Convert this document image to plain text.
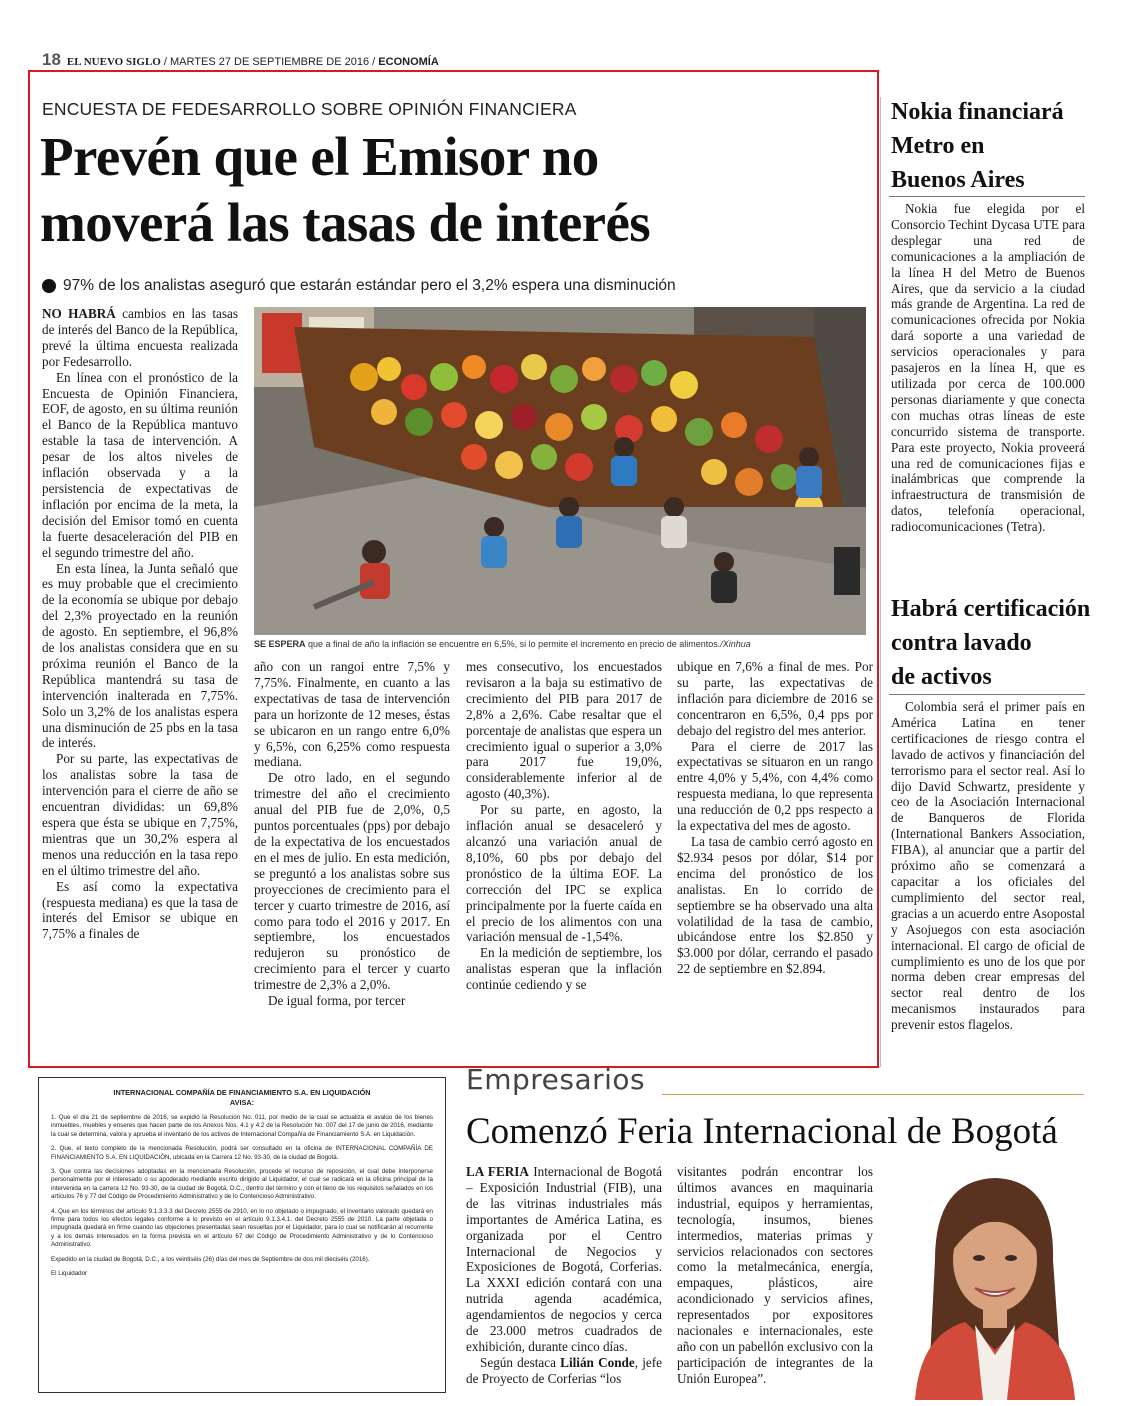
18 EL NUEVO SIGLO / MARTES 27 DE SEPTIEMBRE DE 2016 / ECONOMÍA
ENCUESTA DE FEDESARROLLO SOBRE OPINIÓN FINANCIERA
Prevén que el Emisor no
moverá las tasas de interés
97% de los analistas aseguró que estarán estándar pero el 3,2% espera una disminución

NO HABRÁ cambios en las tasas de interés del Banco de la República, prevé la última encuesta realizada por Fedesarrollo.

En línea con el pronóstico de la Encuesta de Opinión Financiera, EOF, de agosto, en su última reunión el Banco de la República mantuvo estable la tasa de intervención. A pesar de los altos niveles de inflación observada y a la persistencia de expectativas de inflación por encima de la meta, la decisión del Emisor tomó en cuenta la fuerte desaceleración del PIB en el segundo trimestre del año.

En esta línea, la Junta señaló que es muy probable que el crecimiento de la economía se ubique por debajo del 2,3% proyectado en la reunión de agosto. En septiembre, el 96,8% de los analistas considera que en su próxima reunión el Banco de la República mantendrá su tasa de intervención inalterada en 7,75%. Solo un 3,2% de los analistas espera una disminución de 25 pbs en la tasa de interés.

Por su parte, las expectativas de los analistas sobre la tasa de intervención para el cierre de año se encuentran divididas: un 69,8% espera que ésta se ubique en 7,75%, mientras que un 30,2% espera al menos una reducción en la tasa repo en el último trimestre del año.

Es así como la expectativa (respuesta mediana) es que la tasa de interés del Emisor se ubique en 7,75% a finales de

SE ESPERA que a final de año la inflación se encuentre en 6,5%, si lo permite el incremento en precio de alimentos./Xinhua

año con un rangoi entre 7,5% y 7,75%. Finalmente, en cuanto a las expectativas de tasa de intervención para un horizonte de 12 meses, éstas se ubicaron en un rango entre 6,0% y 6,5%, con 6,25% como respuesta mediana.

De otro lado, en el segundo trimestre del año el crecimiento anual del PIB fue de 2,0%, 0,5 puntos porcentuales (pps) por debajo de la expectativa de los encuestados en el mes de julio. En esta medición, se preguntó a los analistas sobre sus proyecciones de crecimiento para el tercer y cuarto trimestre de 2016, así como para todo el 2016 y 2017. En septiembre, los encuestados redujeron su pronóstico de crecimiento para el tercer y cuarto trimestre de 2,3% a 2,0%.

De igual forma, por tercer

mes consecutivo, los encuestados revisaron a la baja su estimativo de crecimiento del PIB para 2017 de 2,8% a 2,6%. Cabe resaltar que el porcentaje de analistas que espera un crecimiento igual o superior a 3,0% para 2017 fue 19,0%, considerablemente inferior al de agosto (40,3%).

Por su parte, en agosto, la inflación anual se desaceleró y alcanzó una variación anual de 8,10%, 60 pbs por debajo del pronóstico de la última EOF. La corrección del IPC se explica principalmente por la fuerte caída en el precio de los alimentos con una variación mensual de -1,54%.

En la medición de septiembre, los analistas esperan que la inflación continúe cediendo y se

ubique en 7,6% a final de mes. Por su parte, las expectativas de inflación para diciembre de 2016 se concentraron en 6,5%, 0,4 pps por debajo del registro del mes anterior.

Para el cierre de 2017 las expectativas se situaron en un rango entre 4,0% y 5,4%, con 4,4% como respuesta mediana, lo que representa una reducción de 0,2 pps respecto a la expectativa del mes de agosto.

La tasa de cambio cerró agosto en $2.934 pesos por dólar, $14 por encima del pronóstico de los analistas. En lo corrido de septiembre se ha observado una alta volatilidad de la tasa de cambio, ubicándose entre los $2.850 y $3.000 por dólar, cerrando el pasado 22 de septiembre en $2.894.

Nokia financiará
Metro en
Buenos Aires

Nokia fue elegida por el Consorcio Techint Dycasa UTE para desplegar una red de comunicaciones a la ampliación de la línea H del Metro de Buenos Aires, que da servicio a la ciudad más grande de Argentina. La red de comunicaciones ofrecida por Nokia dará soporte a una variedad de servicios operacionales y para pasajeros en la línea H, que es utilizada por cerca de 100.000 personas diariamente y que conecta con muchas otras líneas de este concurrido sistema de transporte. Para este proyecto, Nokia proveerá una red de comunicaciones fijas e inalámbricas que comprende la infraestructura de transmisión de datos, telefonía operacional, radiocomunicaciones (Tetra).

Habrá certificación
contra lavado
de activos

Colombia será el primer país en América Latina en tener certificaciones de riesgo contra el lavado de activos y financiación del terrorismo para el sector real. Así lo dijo David Schwartz, presidente y ceo de la Asociación Internacional de Banqueros de Florida (International Bankers Association, FIBA), al anunciar que a partir del próximo año se comenzará a capacitar a los oficiales del cumplimiento del sector real, gracias a un acuerdo entre Asopostal y Asojuegos con esta asociación internacional. El cargo de oficial de cumplimiento es uno de los que por norma deben crear empresas del sector real dentro de los mecanismos instaurados para prevenir estos flagelos.

INTERNACIONAL COMPAÑÍA DE FINANCIAMIENTO S.A. EN LIQUIDACIÓN
AVISA:

1. Que el día 21 de septiembre de 2016, se expidió la Resolución No. 011, por medio de la cual se actualiza el avalúo de los bienes inmuebles, muebles y enseres que hacen parte de los Anexos Nos. 4.1 y 4.2 de la Resolución No. 007 del 17 de junio de 2016, mediante la cual se determina, valora y aprueba el inventario de los activos de Internacional Compañía de Financiamiento S.A. en Liquidación.

2. Que, el texto completo de la mencionada Resolución, podrá ser consultado en la oficina de INTERNACIONAL COMPAÑÍA DE FINANCIAMIENTO S.A. EN LIQUIDACIÓN, ubicada en la Carrera 12 No. 93-30, de la ciudad de Bogotá.

3. Que contra las decisiones adoptadas en la mencionada Resolución, procede el recurso de reposición, el cual debe interponerse personalmente por el interesado o su apoderado mediante escrito dirigido al Liquidador, el cual se radicará en la oficina principal de la intervenida en la carrera 12 No. 93-30, de la ciudad de Bogotá, D.C., dentro del término y con el lleno de los requisitos señalados en los artículos 76 y 77 del Código de Procedimiento Administrativo y de lo Contencioso Administrativo.

4. Que en los términos del artículo 9.1.3.3.3 del Decreto 2555 de 2910, en lo no objetado o impugnado, el inventario valorado quedará en firme para todos los efectos legales conforme a lo previsto en el artículo 9.1.3.4.1. del Decreto 2555 de 2010. La parte objetada o impugnada quedará en firme cuando las objeciones presentadas sean resueltas por el Liquidador, para lo cual se notificarán al recurrente y a los demás interesados en la forma prevista en el artículo 67 del Código de Procedimiento Administrativo y de lo Contencioso Administrativo.

Expedido en la ciudad de Bogotá, D.C., a los veintiséis (26) días del mes de Septiembre de dos mil dieciséis (2016).

El Liquidador

Empresarios
Comenzó Feria Internacional de Bogotá

LA FERIA Internacional de Bogotá – Exposición Industrial (FIB), una de las vitrinas industriales más importantes de América Latina, es organizada por el Centro Internacional de Negocios y Exposiciones de Bogotá, Corferias. La XXXI edición contará con una nutrida agenda académica, agendamientos de negocios y cerca de 23.000 metros cuadrados de exhibición, durante cinco días.

Según destaca Lilián Conde, jefe de Proyecto de Corferias “los

visitantes podrán encontrar los últimos avances en maquinaria industrial, equipos y herramientas, tecnología, insumos, bienes intermedios, materias primas y servicios relacionados con sectores como la metalmecánica, energía, empaques, plásticos, aire acondicionado y servicios afines, representados por expositores nacionales e internacionales, este año con un pabellón exclusivo con la participación de integrantes de la Unión Europea”.
